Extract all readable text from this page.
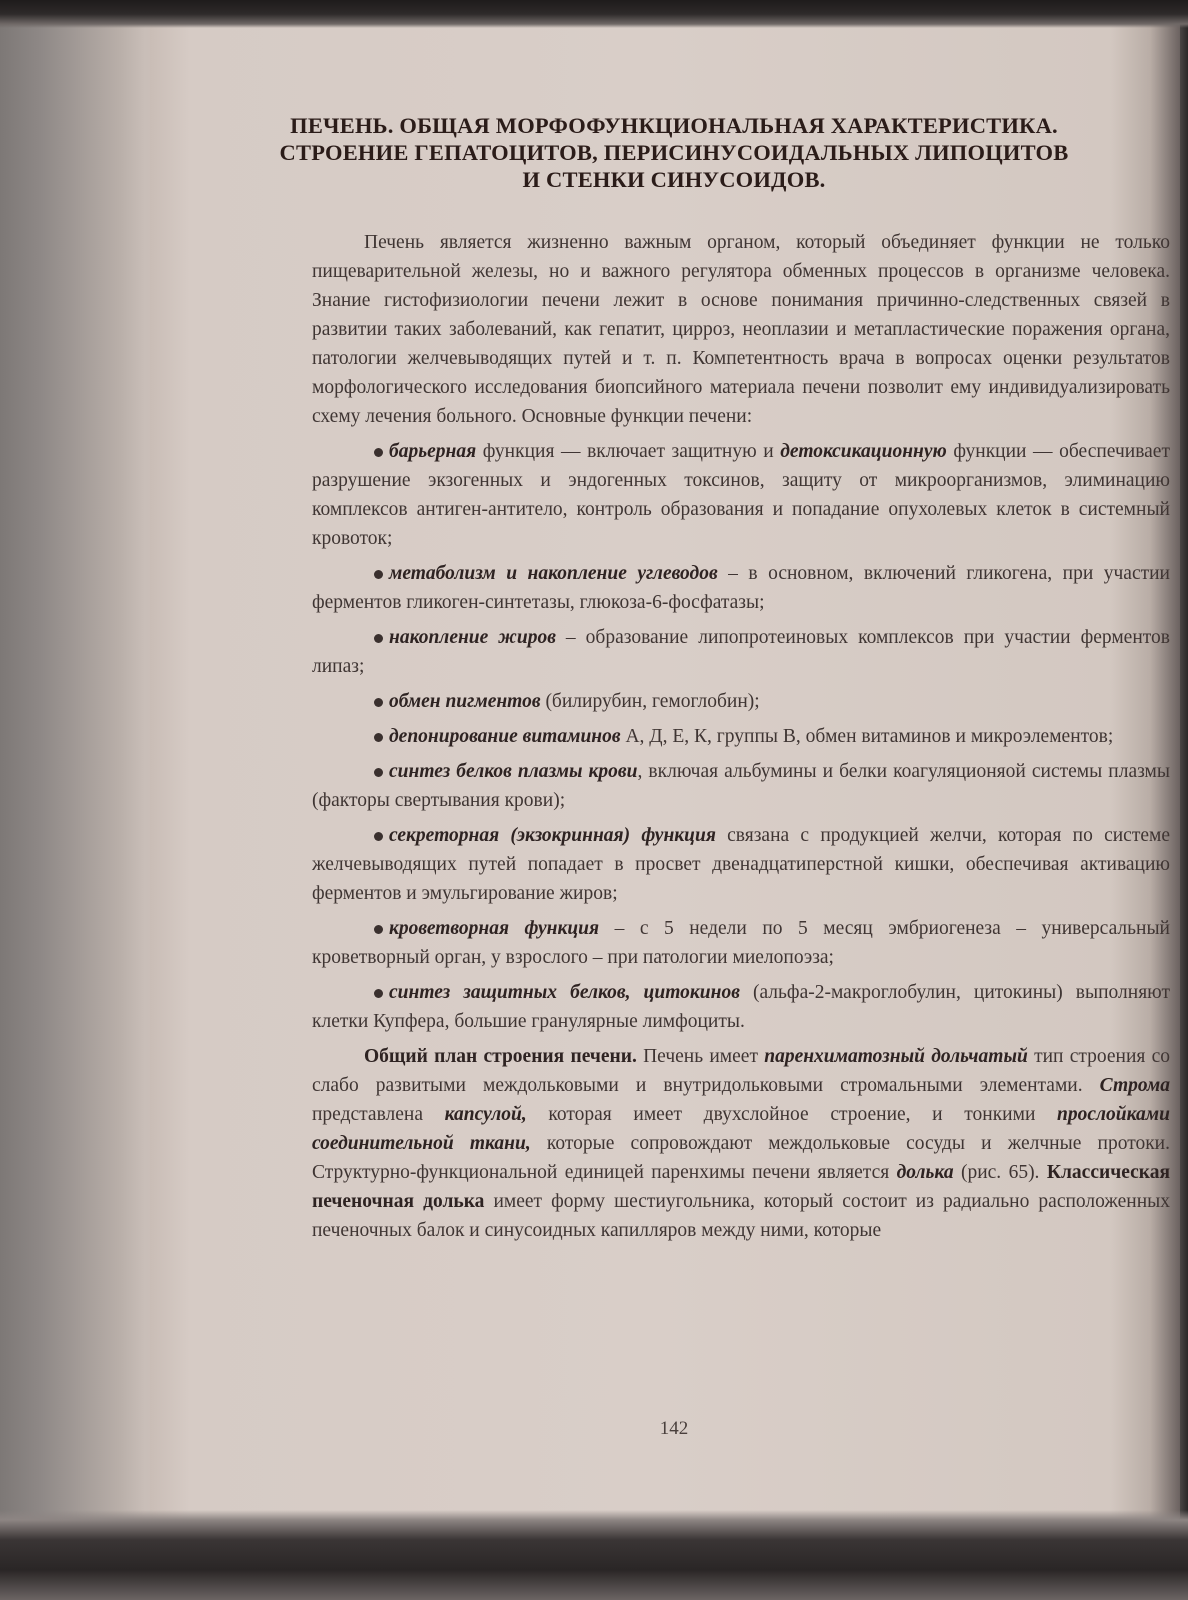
ПЕЧЕНЬ. ОБЩАЯ МОРФОФУНКЦИОНАЛЬНАЯ ХАРАКТЕРИСТИКА.
СТРОЕНИЕ ГЕПАТОЦИТОВ, ПЕРИСИНУСОИДАЛЬНЫХ ЛИПОЦИТОВ
И СТЕНКИ СИНУСОИДОВ.

Печень является жизненно важным органом, который объединяет функции не только пищеварительной железы, но и важного регулятора обменных процессов в организме человека. Знание гистофизиологии печени лежит в основе понимания причинно-следственных связей в развитии таких заболеваний, как гепатит, цирроз, неоплазии и метапластические поражения органа, патологии желчевыводящих путей и т. п. Компетентность врача в вопросах оценки результатов морфологического исследования биопсийного материала печени позволит ему индивидуализировать схему лечения больного. Основные функции печени:

барьерная функция — включает защитную и детоксикационную функции — обеспечивает разрушение экзогенных и эндогенных токсинов, защиту от микроорганизмов, элиминацию комплексов антиген-антитело, контроль образования и попадание опухолевых клеток в системный кровоток;

метаболизм и накопление углеводов – в основном, включений гликогена, при участии ферментов гликоген-синтетазы, глюкоза-6-фосфатазы;

накопление жиров – образование липопротеиновых комплексов при участии ферментов липаз;

обмен пигментов (билирубин, гемоглобин);

депонирование витаминов А, Д, Е, К, группы В, обмен витаминов и микроэлементов;

синтез белков плазмы крови, включая альбумины и белки коагуляционяой системы плазмы (факторы свертывания крови);

секреторная (экзокринная) функция связана с продукцией желчи, которая по системе желчевыводящих путей попадает в просвет двенадцатиперстной кишки, обеспечивая активацию ферментов и эмульгирование жиров;

кроветворная функция – с 5 недели по 5 месяц эмбриогенеза – универсальный кроветворный орган, у взрослого – при патологии миелопоэза;

синтез защитных белков, цитокинов (альфа-2-макроглобулин, цитокины) выполняют клетки Купфера, большие гранулярные лимфоциты.

Общий план строения печени. Печень имеет паренхиматозный дольчатый тип строения со слабо развитыми междольковыми и внутридольковыми стромальными элементами. Строма представлена капсулой, которая имеет двухслойное строение, и тонкими прослойками соединительной ткани, которые сопровождают междольковые сосуды и желчные протоки. Структурно-функциональной единицей паренхимы печени является долька (рис. 65). Классическая печеночная долька имеет форму шестиугольника, который состоит из радиально расположенных печеночных балок и синусоидных капилляров между ними, которые

142
